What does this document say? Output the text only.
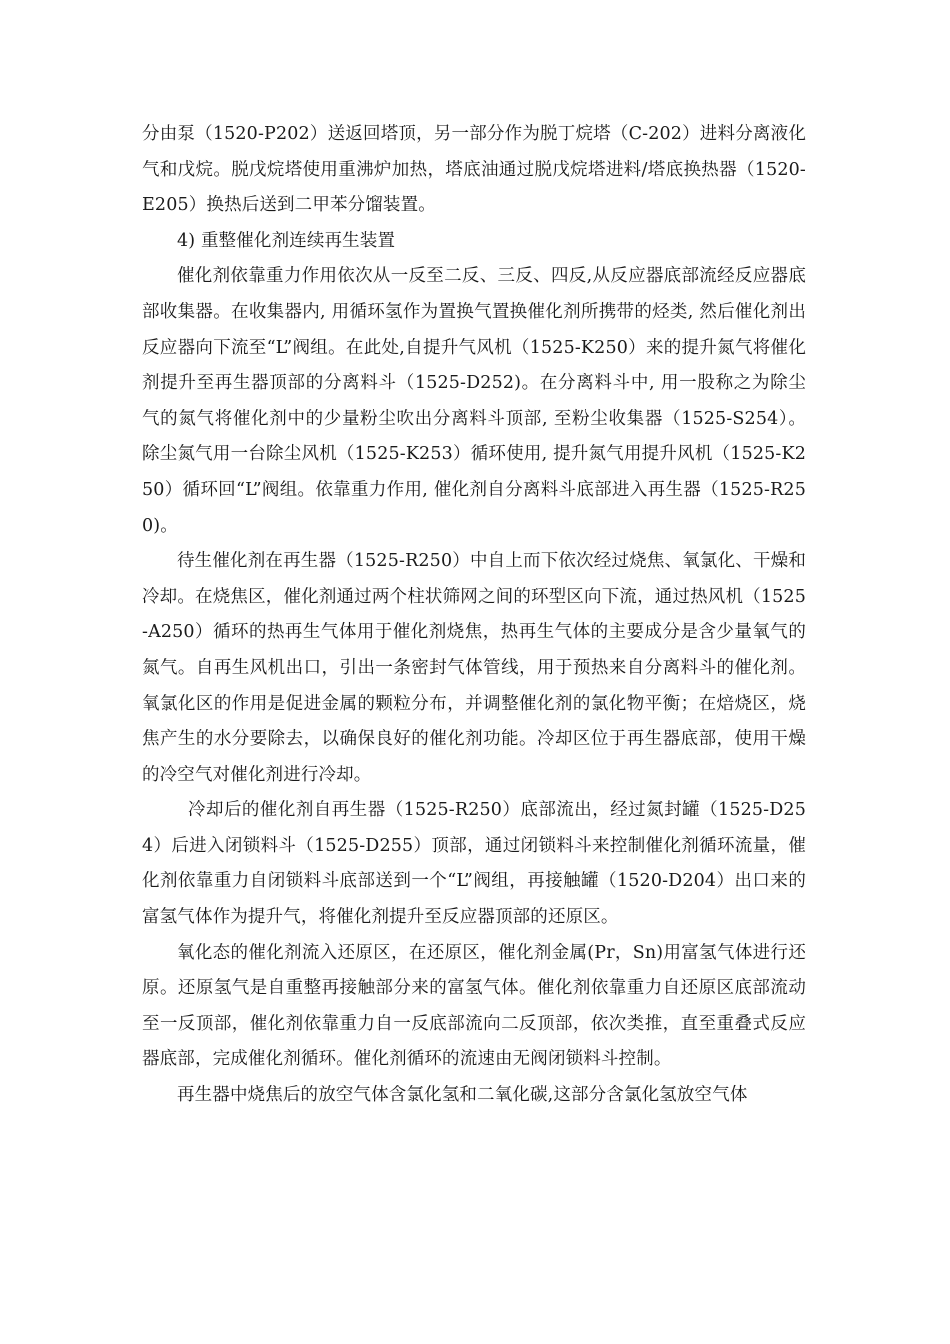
分由泵（1520-P202）送返回塔顶，另一部分作为脱丁烷塔（C-202）进料分离液化气和戊烷。脱戊烷塔使用重沸炉加热，塔底油通过脱戊烷塔进料/塔底换热器（1520-E205）换热后送到二甲苯分馏装置。

4) 重整催化剂连续再生装置

催化剂依靠重力作用依次从一反至二反、三反、四反,从反应器底部流经反应器底部收集器。在收集器内, 用循环氢作为置换气置换催化剂所携带的烃类, 然后催化剂出反应器向下流至“L”阀组。在此处,自提升气风机（1525-K250）来的提升氮气将催化剂提升至再生器顶部的分离料斗（1525-D252)。在分离料斗中, 用一股称之为除尘气的氮气将催化剂中的少量粉尘吹出分离料斗顶部, 至粉尘收集器（1525-S254）。除尘氮气用一台除尘风机（1525-K253）循环使用, 提升氮气用提升风机（1525-K250）循环回“L”阀组。依靠重力作用, 催化剂自分离料斗底部进入再生器（1525-R250)。

待生催化剂在再生器（1525-R250）中自上而下依次经过烧焦、氧氯化、干燥和冷却。在烧焦区，催化剂通过两个柱状筛网之间的环型区向下流，通过热风机（1525-A250）循环的热再生气体用于催化剂烧焦，热再生气体的主要成分是含少量氧气的氮气。自再生风机出口，引出一条密封气体管线，用于预热来自分离料斗的催化剂。氧氯化区的作用是促进金属的颗粒分布，并调整催化剂的氯化物平衡；在焙烧区，烧焦产生的水分要除去，以确保良好的催化剂功能。冷却区位于再生器底部，使用干燥的冷空气对催化剂进行冷却。

冷却后的催化剂自再生器（1525-R250）底部流出，经过氮封罐（1525-D254）后进入闭锁料斗（1525-D255）顶部，通过闭锁料斗来控制催化剂循环流量，催化剂依靠重力自闭锁料斗底部送到一个“L”阀组，再接触罐（1520-D204）出口来的富氢气体作为提升气，将催化剂提升至反应器顶部的还原区。

氧化态的催化剂流入还原区，在还原区，催化剂金属(Pr，Sn)用富氢气体进行还原。还原氢气是自重整再接触部分来的富氢气体。催化剂依靠重力自还原区底部流动至一反顶部，催化剂依靠重力自一反底部流向二反顶部，依次类推，直至重叠式反应器底部，完成催化剂循环。催化剂循环的流速由无阀闭锁料斗控制。

再生器中烧焦后的放空气体含氯化氢和二氧化碳,这部分含氯化氢放空气体
